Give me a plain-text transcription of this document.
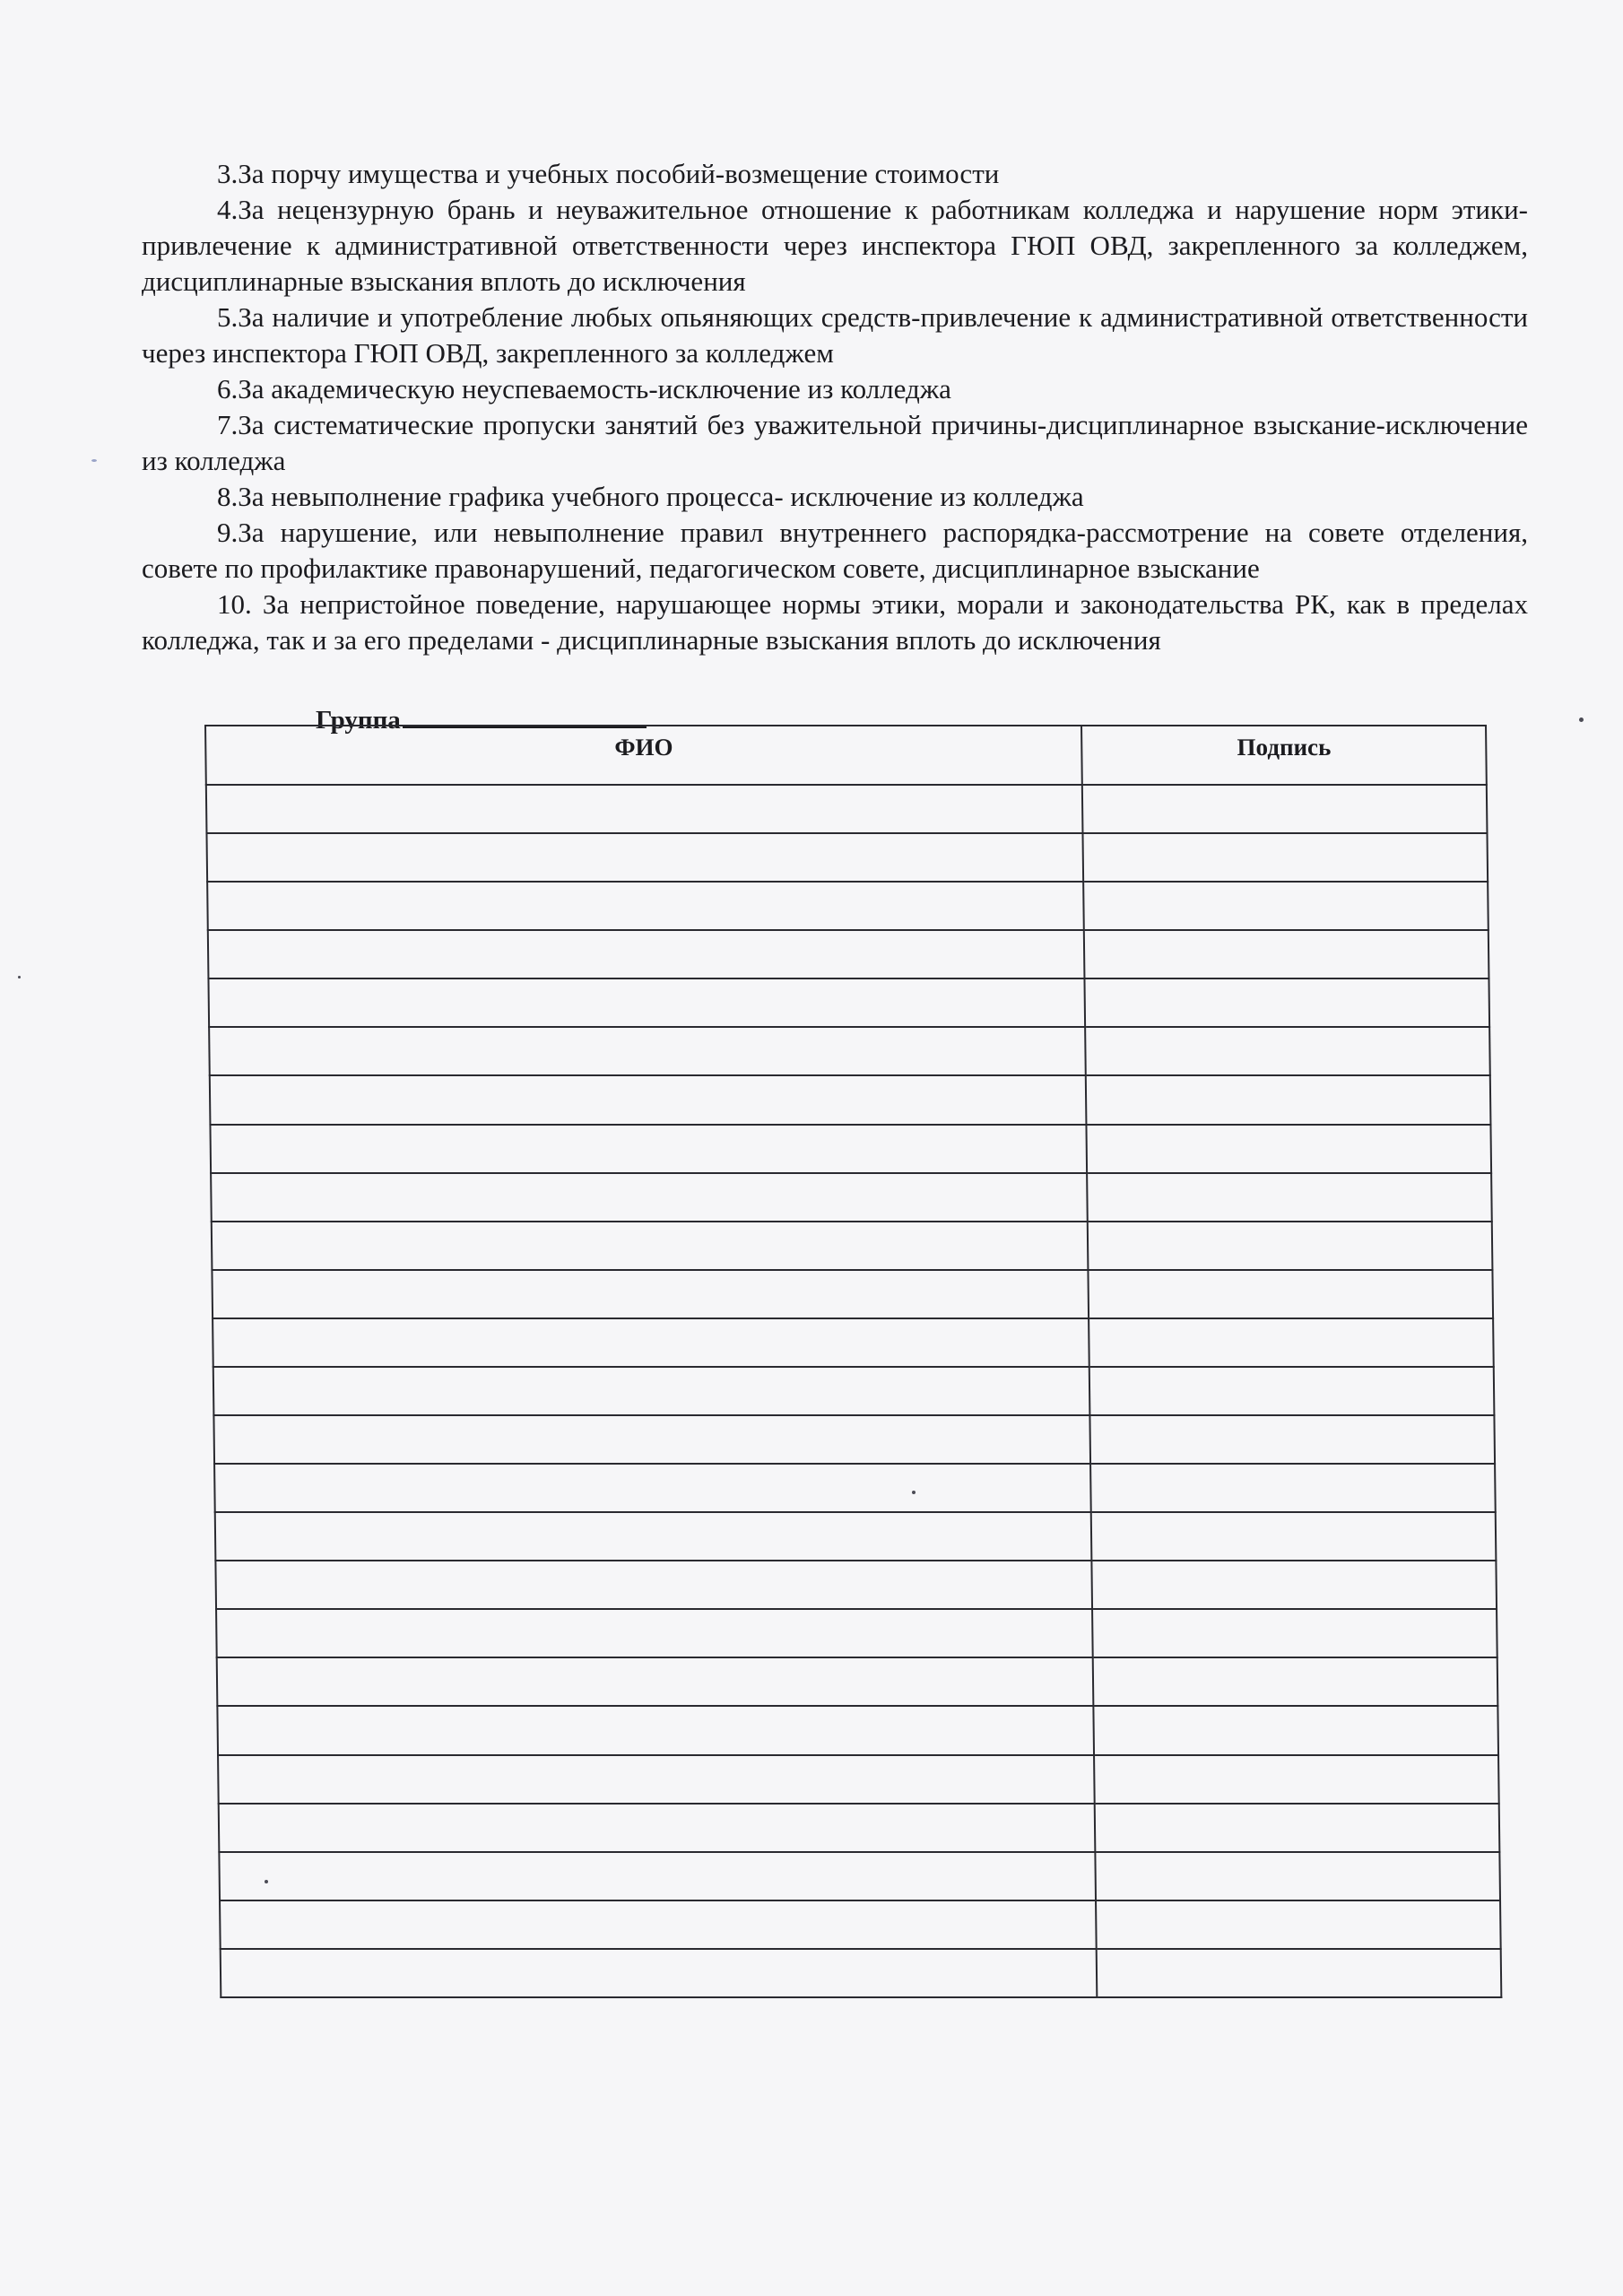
3.За порчу имущества и учебных пособий-возмещение стоимости

4.За нецензурную брань и неуважительное отношение к работникам колледжа и нарушение норм этики-привлечение к административной ответственности через инспектора ГЮП ОВД, закрепленного за колледжем, дисциплинарные взыскания вплоть до исключения

5.За наличие и употребление любых опьяняющих средств-привлечение к административной ответственности через инспектора ГЮП ОВД, закрепленного за колледжем

6.За академическую неуспеваемость-исключение из колледжа

7.За систематические пропуски занятий без уважительной причины-дисциплинарное взыскание-исключение из колледжа

8.За невыполнение графика учебного процесса- исключение из колледжа

9.За нарушение, или невыполнение правил внутреннего распорядка-рассмотрение на совете отделения, совете по профилактике правонарушений, педагогическом совете, дисциплинарное взыскание

10. За непристойное поведение, нарушающее нормы этики, морали и законодательства РК, как в пределах колледжа, так и за его пределами - дисциплинарные взыскания вплоть до исключения

Группа
ФИО	Подпись
